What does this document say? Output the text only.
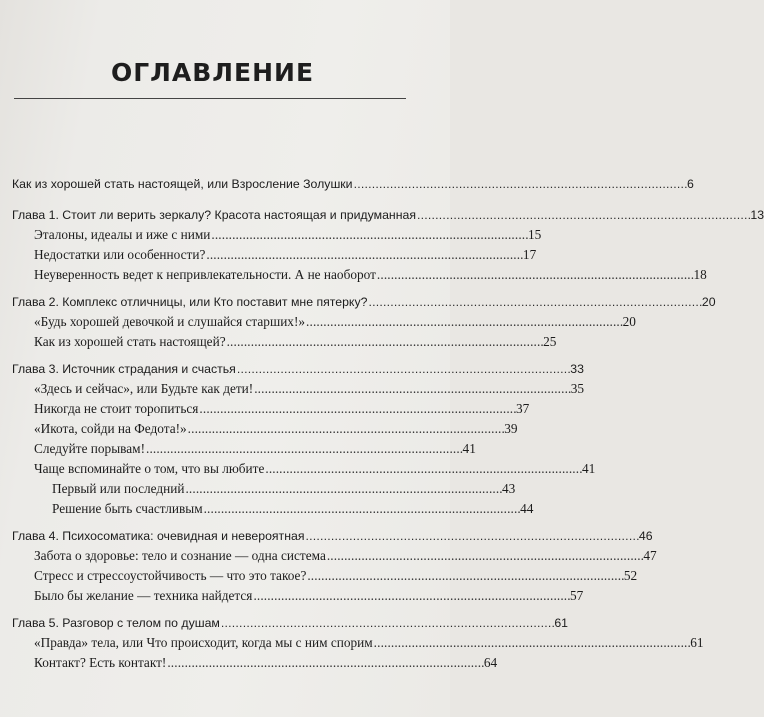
ОГЛАВЛЕНИЕ
Как из хорошей стать настоящей, или Взросление Золушки . . .	6
Глава 1. Стоит ли верить зеркалу? Красота настоящая и придуманная . . .	13
Эталоны, идеалы и иже с ними . . .	15
Недостатки или особенности? . . .	17
Неуверенность ведет к непривлекательности. А не наоборот . . .	18
Глава 2. Комплекс отличницы, или Кто поставит мне пятерку? . . .	20
«Будь хорошей девочкой и слушайся старших!» . . .	20
Как из хорошей стать настоящей? . . .	25
Глава 3. Источник страдания и счастья . . .	33
«Здесь и сейчас», или Будьте как дети! . . .	35
Никогда не стоит торопиться . . .	37
«Икота, сойди на Федота!» . . .	39
Следуйте порывам! . . .	41
Чаще вспоминайте о том, что вы любите . . .	41
Первый или последний . . .	43
Решение быть счастливым . . .	44
Глава 4. Психосоматика: очевидная и невероятная . . .	46
Забота о здоровье: тело и сознание — одна система . . .	47
Стресс и стрессоустойчивость — что это такое? . . .	52
Было бы желание — техника найдется . . .	57
Глава 5. Разговор с телом по душам . . .	61
«Правда» тела, или Что происходит, когда мы с ним спорим . . .	61
Контакт? Есть контакт! . . .	64
